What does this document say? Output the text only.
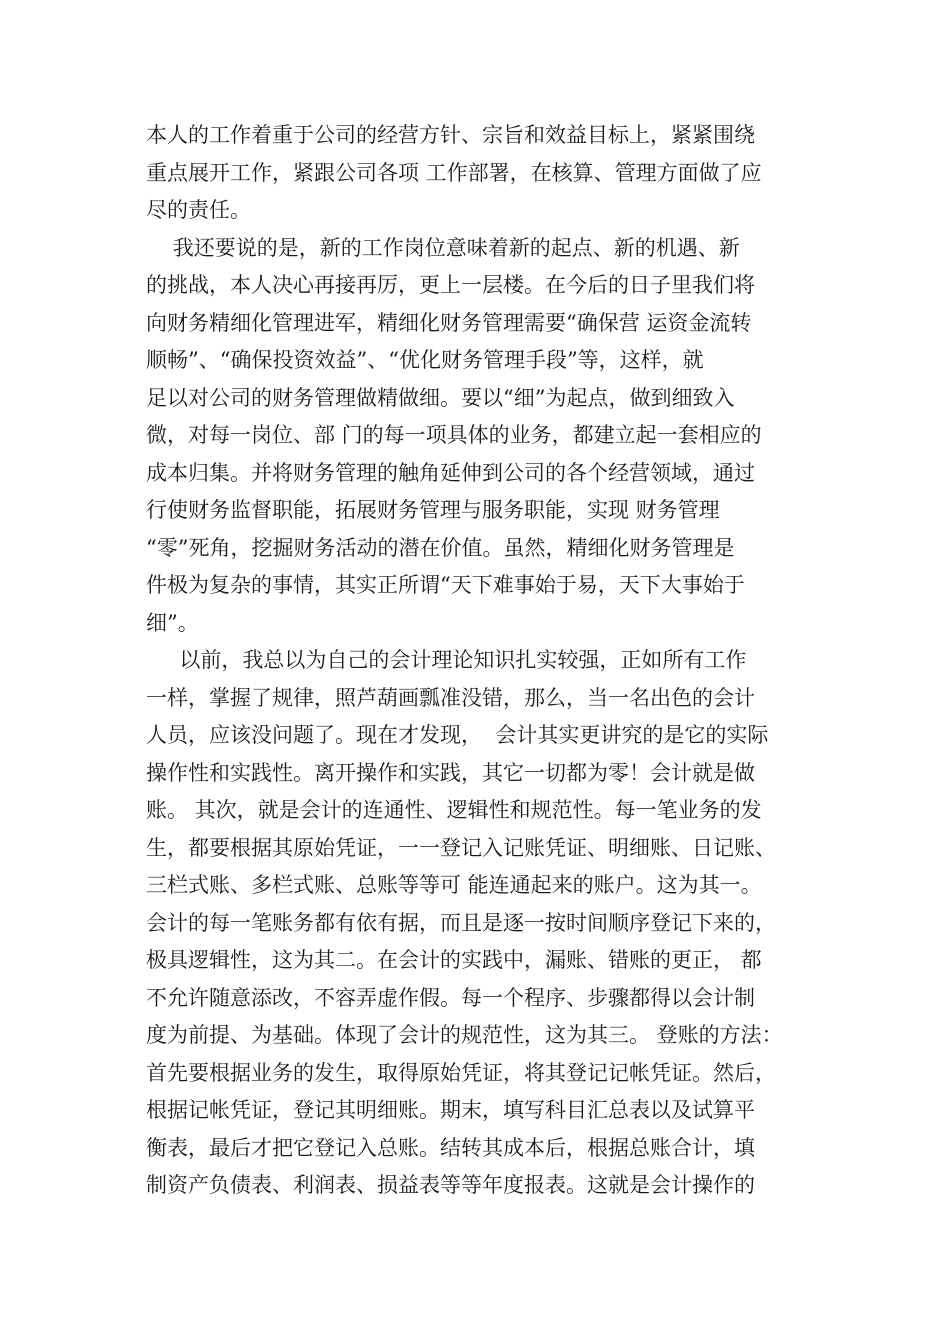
本人的工作着重于公司的经营方针、宗旨和效益目标上，紧紧围绕
重点展开工作，紧跟公司各项 工作部署，在核算、管理方面做了应
尽的责任。
我还要说的是，新的工作岗位意味着新的起点、新的机遇、新
的挑战，本人决心再接再厉，更上一层楼。在今后的日子里我们将
向财务精细化管理进军，精细化财务管理需要“确保营 运资金流转
顺畅”、“确保投资效益”、“优化财务管理手段”等，这样，就
足以对公司的财务管理做精做细。要以“细”为起点，做到细致入
微，对每一岗位、部 门的每一项具体的业务，都建立起一套相应的
成本归集。并将财务管理的触角延伸到公司的各个经营领域，通过
行使财务监督职能，拓展财务管理与服务职能，实现 财务管理
“零”死角，挖掘财务活动的潜在价值。虽然，精细化财务管理是
件极为复杂的事情，其实正所谓“天下难事始于易，天下大事始于
细”。
以前，我总以为自己的会计理论知识扎实较强，正如所有工作
一样，掌握了规律，照芦葫画瓢准没错，那么，当一名出色的会计
人员，应该没问题了。现在才发现，  会计其实更讲究的是它的实际
操作性和实践性。离开操作和实践，其它一切都为零！会计就是做
账。 其次，就是会计的连通性、逻辑性和规范性。每一笔业务的发
生，都要根据其原始凭证，一一登记入记账凭证、明细账、日记账、
三栏式账、多栏式账、总账等等可 能连通起来的账户。这为其一。
会计的每一笔账务都有依有据，而且是逐一按时间顺序登记下来的，
极具逻辑性，这为其二。在会计的实践中，漏账、错账的更正， 都
不允许随意添改，不容弄虚作假。每一个程序、步骤都得以会计制
度为前提、为基础。体现了会计的规范性，这为其三。 登账的方法：
首先要根据业务的发生，取得原始凭证，将其登记记帐凭证。然后，
根据记帐凭证，登记其明细账。期末，填写科目汇总表以及试算平
衡表，最后才把它登记入总账。结转其成本后，根据总账合计，填
制资产负债表、利润表、损益表等等年度报表。这就是会计操作的
